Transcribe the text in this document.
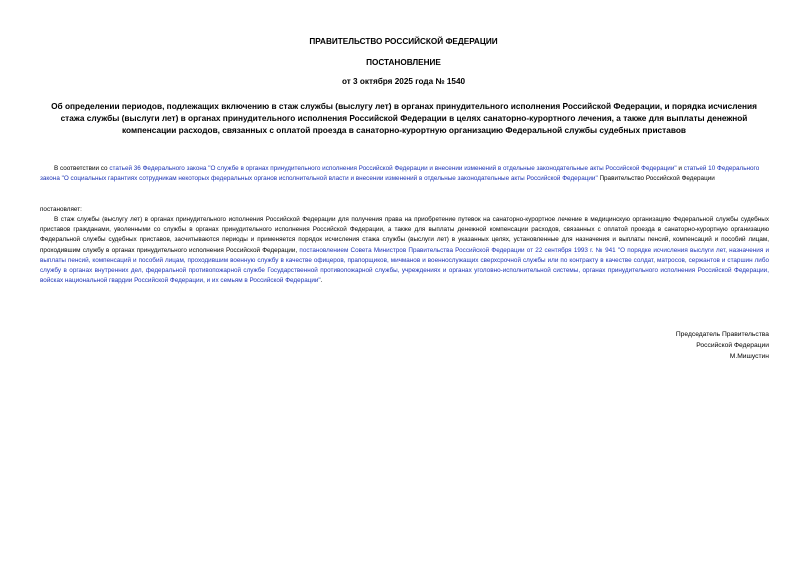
ПРАВИТЕЛЬСТВО РОССИЙСКОЙ ФЕДЕРАЦИИ
ПОСТАНОВЛЕНИЕ
от 3 октября 2025 года № 1540
Об определении периодов, подлежащих включению в стаж службы (выслугу лет) в органах принудительного исполнения Российской Федерации, и порядка исчисления стажа службы (выслуги лет) в органах принудительного исполнения Российской Федерации в целях санаторно-курортного лечения, а также для выплаты денежной компенсации расходов, связанных с оплатой проезда в санаторно-курортную организацию Федеральной службы судебных приставов
В соответствии со статьей 36 Федерального закона "О службе в органах принудительного исполнения Российской Федерации и внесении изменений в отдельные законодательные акты Российской Федерации" и статьей 10 Федерального закона "О социальных гарантиях сотрудникам некоторых федеральных органов исполнительной власти и внесении изменений в отдельные законодательные акты Российской Федерации" Правительство Российской Федерации
постановляет:
В стаж службы (выслугу лет) в органах принудительного исполнения Российской Федерации для получения права на приобретение путевок на санаторно-курортное лечение в медицинскую организацию Федеральной службы судебных приставов гражданами, уволенными со службы в органах принудительного исполнения Российской Федерации, а также для выплаты денежной компенсации расходов, связанных с оплатой проезда в санаторно-курортную организацию Федеральной службы судебных приставов, засчитываются периоды и применяется порядок исчисления стажа службы (выслуги лет) в указанных целях, установленные для назначения и выплаты пенсий, компенсаций и пособий лицам, проходившим службу в органах принудительного исполнения Российской Федерации, постановлением Совета Министров Правительства Российской Федерации от 22 сентября 1993 г. № 941 "О порядке исчисления выслуги лет, назначения и выплаты пенсий, компенсаций и пособий лицам, проходившим военную службу в качестве офицеров, прапорщиков, мичманов и военнослужащих сверхсрочной службы или по контракту в качестве солдат, матросов, сержантов и старшин либо службу в органах внутренних дел, федеральной противопожарной службе Государственной противопожарной службы, учреждениях и органах уголовно-исполнительной системы, органах принудительного исполнения Российской Федерации, войсках национальной гвардии Российской Федерации, и их семьям в Российской Федерации".
Председатель Правительства
Российской Федерации
М.Мишустин
